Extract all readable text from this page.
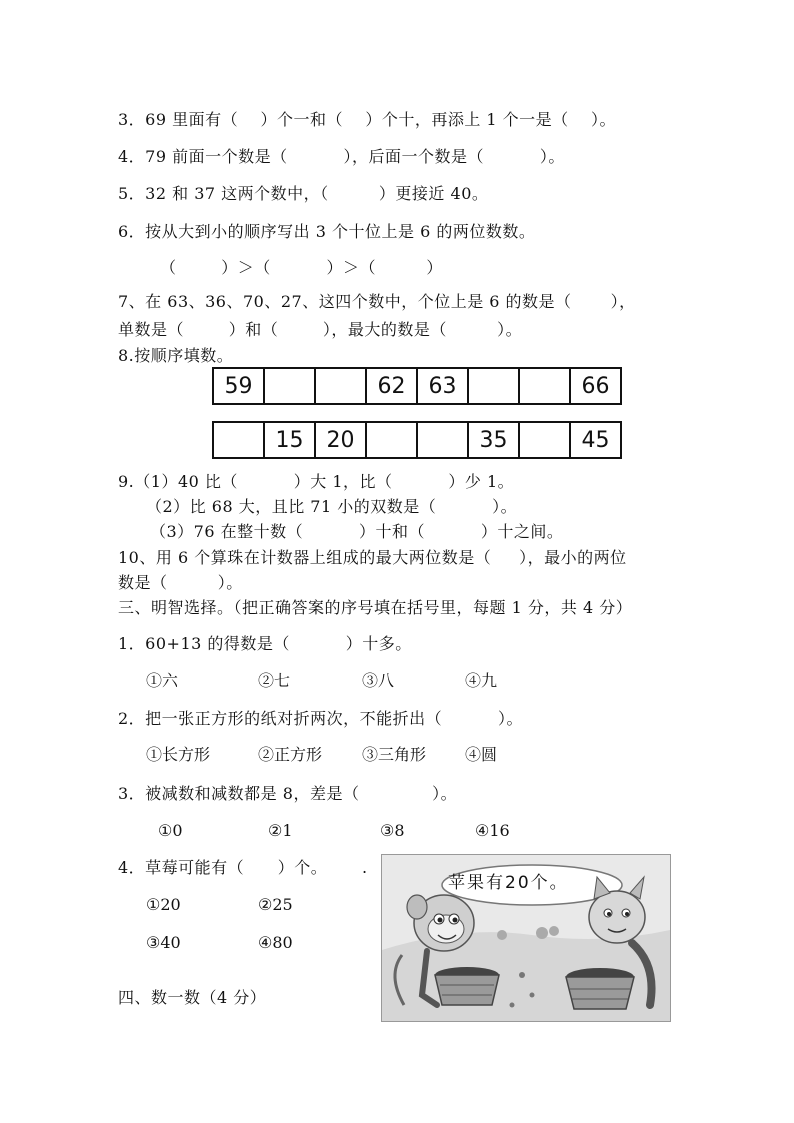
3．69 里面有（    ）个一和（    ）个十，再添上 1 个一是（    ）。
4．79 前面一个数是（          ），后面一个数是（          ）。
5．32 和 37 这两个数中，（         ）更接近 40。
6．按从大到小的顺序写出 3 个十位上是 6 的两位数数。
（        ）＞（          ）＞（         ）
7、在 63、36、70、27、这四个数中，个位上是 6 的数是（       ），
单数是（        ）和（        ），最大的数是（         ）。
8.按顺序填数。
59			62	63			66
	15	20			35		45
9.（1）40 比（          ）大 1，比（          ）少 1。
（2）比 68 大，且比 71 小的双数是（          ）。
（3）76 在整十数（          ）十和（          ）十之间。
10、用 6 个算珠在计数器上组成的最大两位数是（     ），最小的两位
数是（         ）。
三、明智选择。（把正确答案的序号填在括号里，每题 1 分，共 4 分）
1．60+13 的得数是（          ）十多。
①六	②七	③八	④九
2．把一张正方形的纸对折两次，不能折出（          ）。
①长方形	②正方形 ③三角形 ④圆
3．被减数和减数都是 8，差是（             ）。
①0	②1	③8	④16
4．草莓可能有（      ）个。 .
①20	②25
③40	④80
四、数一数（4 分）
苹果有20个。
